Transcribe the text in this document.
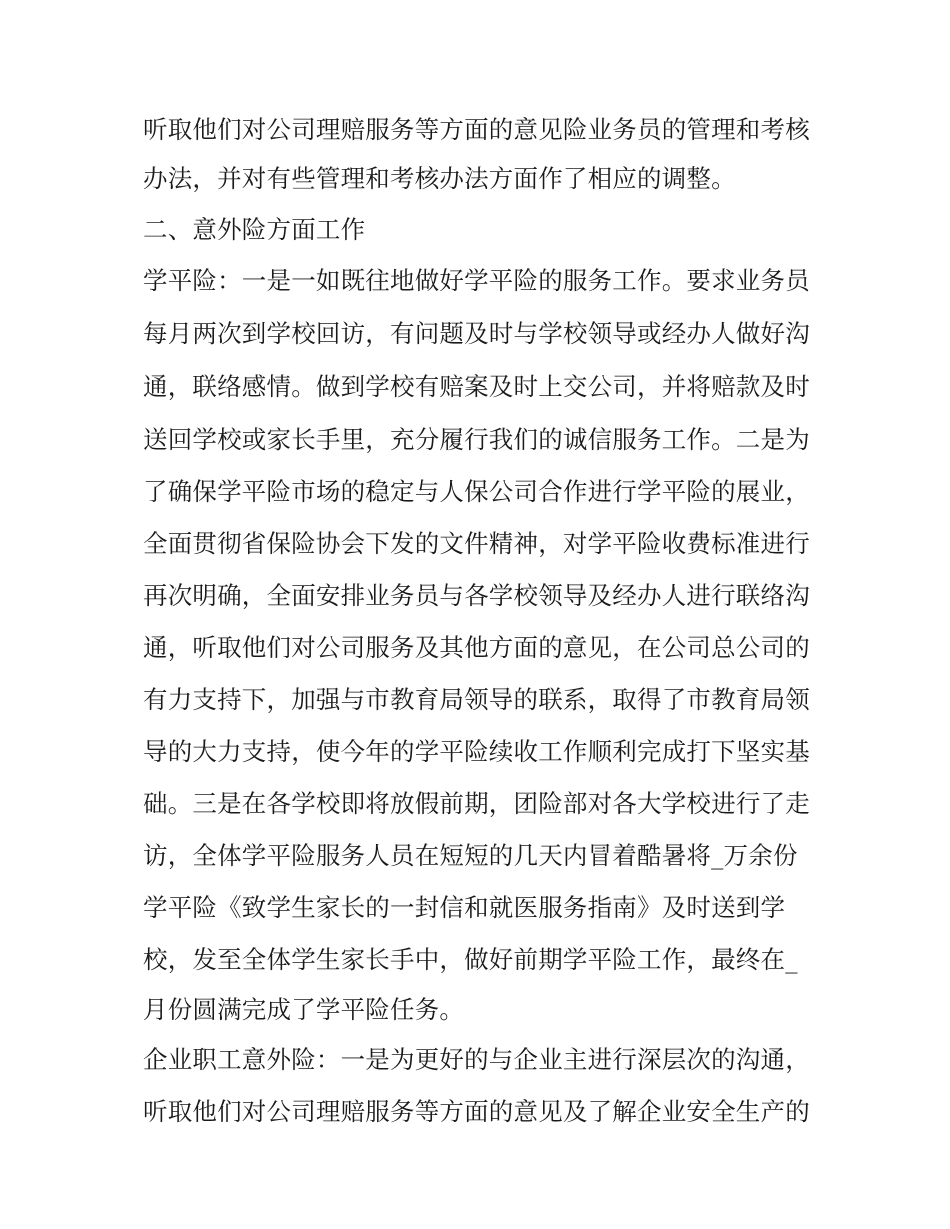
听取他们对公司理赔服务等方面的意见险业务员的管理和考核
办法，并对有些管理和考核办法方面作了相应的调整。
二、意外险方面工作
学平险：一是一如既往地做好学平险的服务工作。要求业务员
每月两次到学校回访，有问题及时与学校领导或经办人做好沟
通，联络感情。做到学校有赔案及时上交公司，并将赔款及时
送回学校或家长手里，充分履行我们的诚信服务工作。二是为
了确保学平险市场的稳定与人保公司合作进行学平险的展业，
全面贯彻省保险协会下发的文件精神，对学平险收费标准进行
再次明确，全面安排业务员与各学校领导及经办人进行联络沟
通，听取他们对公司服务及其他方面的意见，在公司总公司的
有力支持下，加强与市教育局领导的联系，取得了市教育局领
导的大力支持，使今年的学平险续收工作顺利完成打下坚实基
础。三是在各学校即将放假前期，团险部对各大学校进行了走
访，全体学平险服务人员在短短的几天内冒着酷暑将_万余份
学平险《致学生家长的一封信和就医服务指南》及时送到学
校，发至全体学生家长手中，做好前期学平险工作，最终在_
月份圆满完成了学平险任务。
企业职工意外险：一是为更好的与企业主进行深层次的沟通，
听取他们对公司理赔服务等方面的意见及了解企业安全生产的
